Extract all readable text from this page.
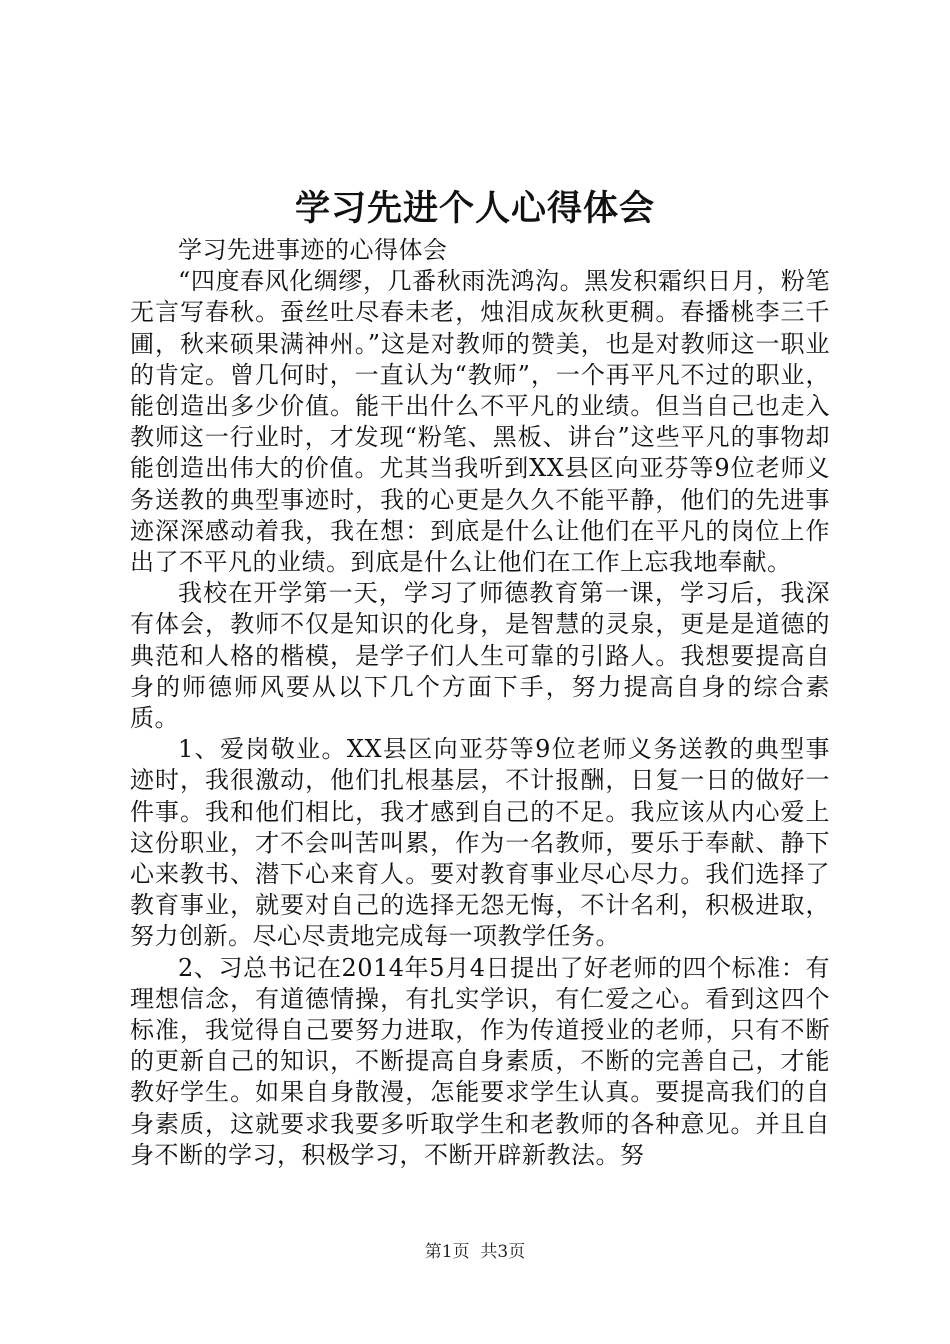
学习先进个人心得体会

学习先进事迹的心得体会

“四度春风化绸缪，几番秋雨洗鸿沟。黑发积霜织日月，粉笔无言写春秋。蚕丝吐尽春未老，烛泪成灰秋更稠。春播桃李三千圃，秋来硕果满神州。”这是对教师的赞美，也是对教师这一职业的肯定。曾几何时，一直认为“教师”，一个再平凡不过的职业，能创造出多少价值。能干出什么不平凡的业绩。但当自己也走入教师这一行业时，才发现“粉笔、黑板、讲台”这些平凡的事物却能创造出伟大的价值。尤其当我听到XX县区向亚芬等9位老师义务送教的典型事迹时，我的心更是久久不能平静，他们的先进事迹深深感动着我，我在想：到底是什么让他们在平凡的岗位上作出了不平凡的业绩。到底是什么让他们在工作上忘我地奉献。

我校在开学第一天，学习了师德教育第一课，学习后，我深有体会，教师不仅是知识的化身，是智慧的灵泉，更是是道德的典范和人格的楷模，是学子们人生可靠的引路人。我想要提高自身的师德师风要从以下几个方面下手，努力提高自身的综合素质。

1、爱岗敬业。XX县区向亚芬等9位老师义务送教的典型事迹时，我很激动，他们扎根基层，不计报酬，日复一日的做好一件事。我和他们相比，我才感到自己的不足。我应该从内心爱上这份职业，才不会叫苦叫累，作为一名教师，要乐于奉献、静下心来教书、潜下心来育人。要对教育事业尽心尽力。我们选择了教育事业，就要对自己的选择无怨无悔，不计名利，积极进取，努力创新。尽心尽责地完成每一项教学任务。

2、习总书记在2014年5月4日提出了好老师的四个标准：有理想信念，有道德情操，有扎实学识，有仁爱之心。看到这四个标准，我觉得自己要努力进取，作为传道授业的老师，只有不断的更新自己的知识，不断提高自身素质，不断的完善自己，才能教好学生。如果自身散漫，怎能要求学生认真。要提高我们的自身素质，这就要求我要多听取学生和老教师的各种意见。并且自身不断的学习，积极学习，不断开辟新教法。努

第1页 共3页
